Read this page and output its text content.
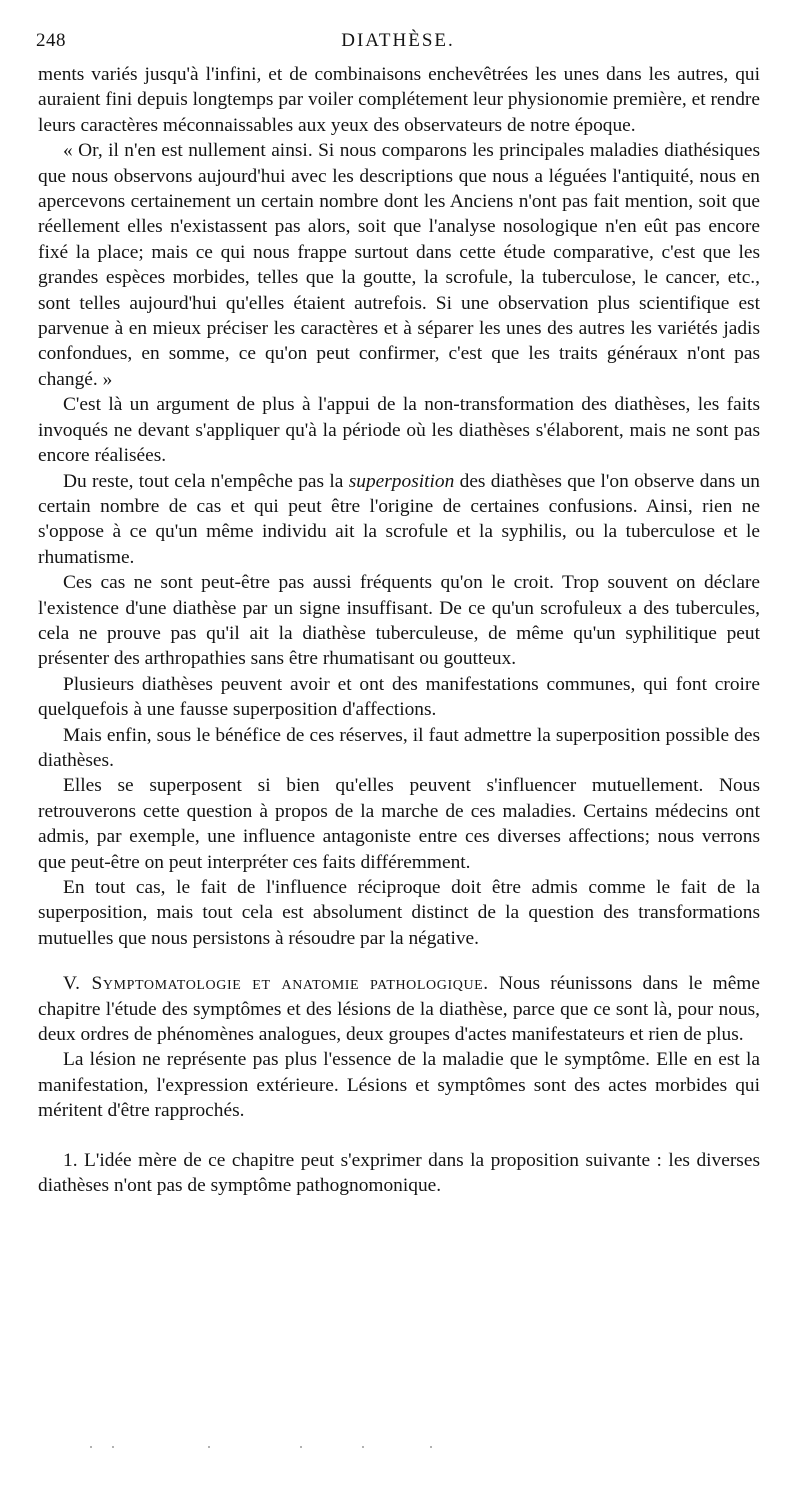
248	DIATHÈSE.

ments variés jusqu'à l'infini, et de combinaisons enchevêtrées les unes dans les autres, qui auraient fini depuis longtemps par voiler complétement leur physionomie première, et rendre leurs caractères méconnaissables aux yeux des observateurs de notre époque.

« Or, il n'en est nullement ainsi. Si nous comparons les principales maladies diathésiques que nous observons aujourd'hui avec les descriptions que nous a léguées l'antiquité, nous en apercevons certainement un certain nombre dont les Anciens n'ont pas fait mention, soit que réellement elles n'existassent pas alors, soit que l'analyse nosologique n'en eût pas encore fixé la place; mais ce qui nous frappe surtout dans cette étude comparative, c'est que les grandes espèces morbides, telles que la goutte, la scrofule, la tuberculose, le cancer, etc., sont telles aujourd'hui qu'elles étaient autrefois. Si une observation plus scientifique est parvenue à en mieux préciser les caractères et à séparer les unes des autres les variétés jadis confondues, en somme, ce qu'on peut confirmer, c'est que les traits généraux n'ont pas changé. »

C'est là un argument de plus à l'appui de la non-transformation des diathèses, les faits invoqués ne devant s'appliquer qu'à la période où les diathèses s'élaborent, mais ne sont pas encore réalisées.

Du reste, tout cela n'empêche pas la superposition des diathèses que l'on observe dans un certain nombre de cas et qui peut être l'origine de certaines confusions. Ainsi, rien ne s'oppose à ce qu'un même individu ait la scrofule et la syphilis, ou la tuberculose et le rhumatisme.

Ces cas ne sont peut-être pas aussi fréquents qu'on le croit. Trop souvent on déclare l'existence d'une diathèse par un signe insuffisant. De ce qu'un scrofuleux a des tubercules, cela ne prouve pas qu'il ait la diathèse tuberculeuse, de même qu'un syphilitique peut présenter des arthropathies sans être rhumatisant ou goutteux.

Plusieurs diathèses peuvent avoir et ont des manifestations communes, qui font croire quelquefois à une fausse superposition d'affections.

Mais enfin, sous le bénéfice de ces réserves, il faut admettre la superposition possible des diathèses.

Elles se superposent si bien qu'elles peuvent s'influencer mutuellement. Nous retrouverons cette question à propos de la marche de ces maladies. Certains médecins ont admis, par exemple, une influence antagoniste entre ces diverses affections; nous verrons que peut-être on peut interpréter ces faits différemment.

En tout cas, le fait de l'influence réciproque doit être admis comme le fait de la superposition, mais tout cela est absolument distinct de la question des transformations mutuelles que nous persistons à résoudre par la négative.

V. Symptomatologie et anatomie pathologique. Nous réunissons dans le même chapitre l'étude des symptômes et des lésions de la diathèse, parce que ce sont là, pour nous, deux ordres de phénomènes analogues, deux groupes d'actes manifestateurs et rien de plus.

La lésion ne représente pas plus l'essence de la maladie que le symptôme. Elle en est la manifestation, l'expression extérieure. Lésions et symptômes sont des actes morbides qui méritent d'être rapprochés.

1. L'idée mère de ce chapitre peut s'exprimer dans la proposition suivante : les diverses diathèses n'ont pas de symptôme pathognomonique.
